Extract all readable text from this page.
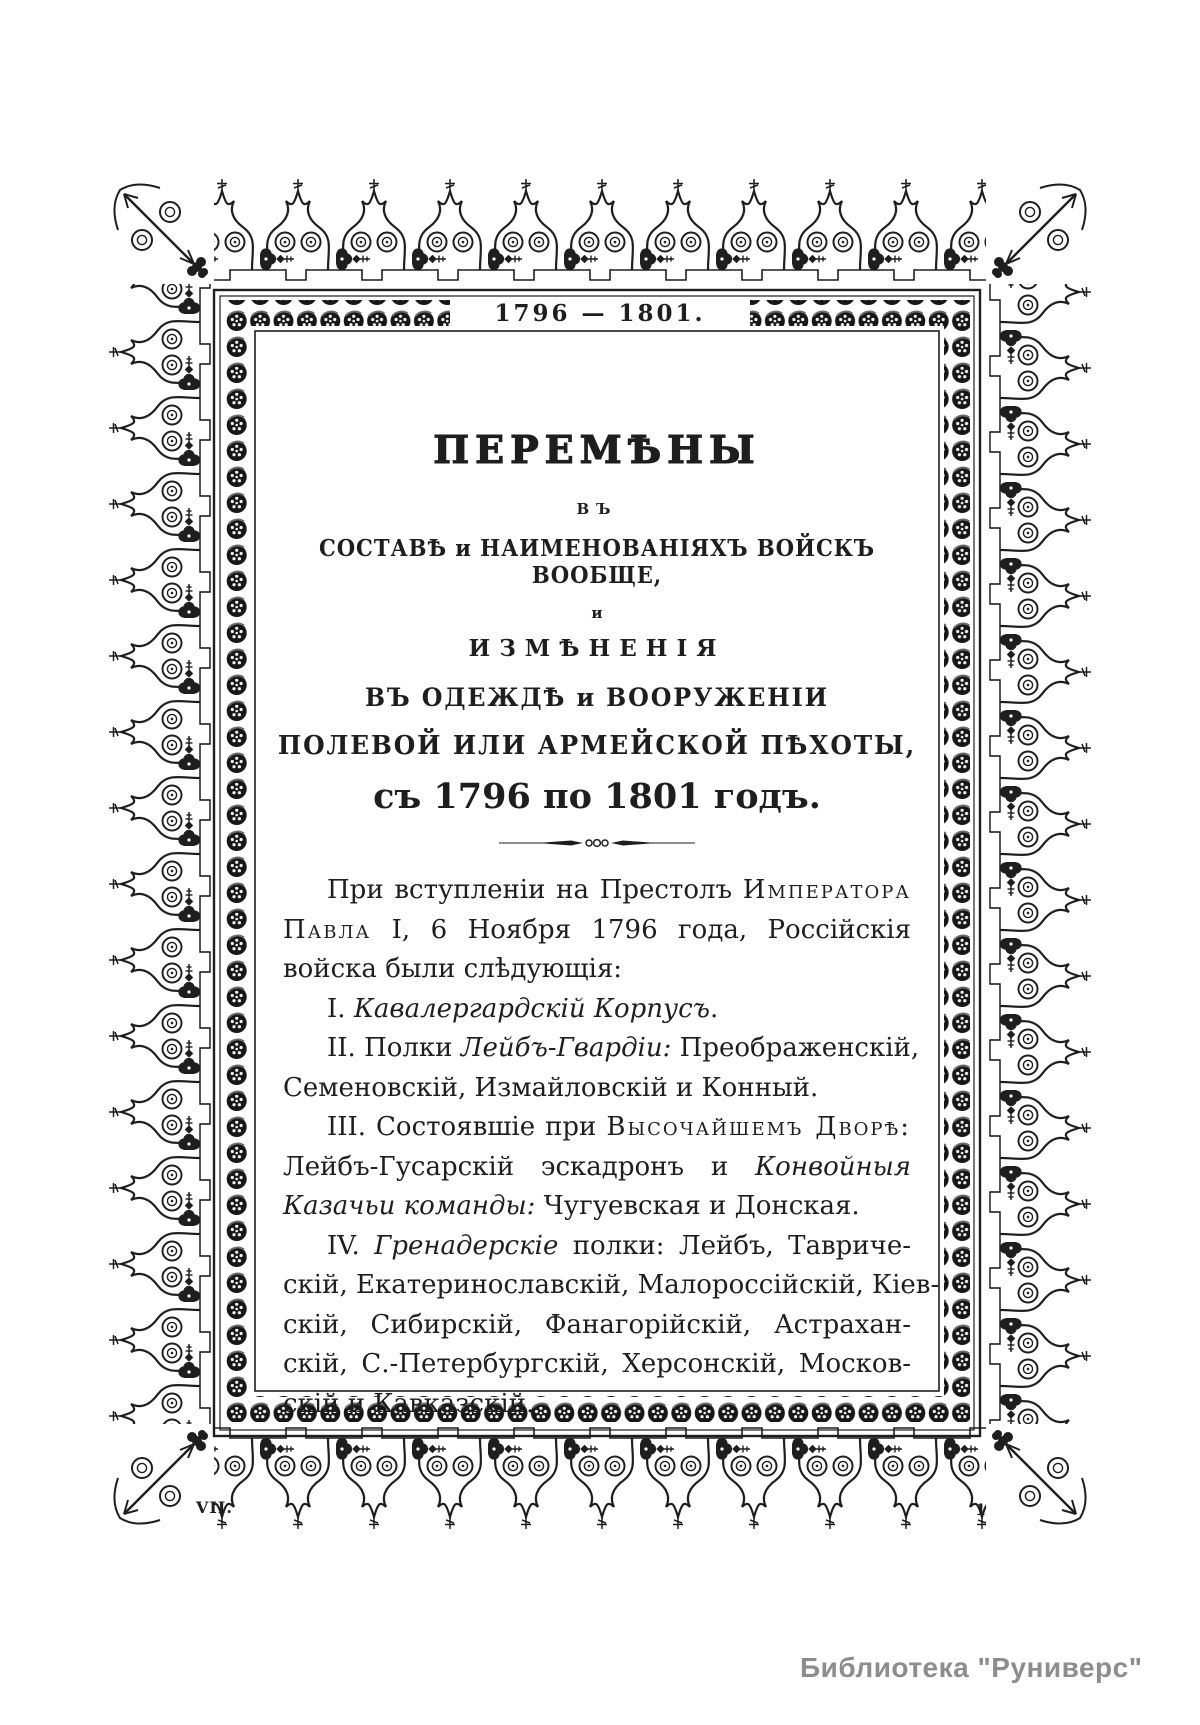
1796 — 1801.
ПЕРЕМѢНЫ
ВЪ
СОСТАВѢ и НАИМЕНОВАНІЯХЪ ВОЙСКЪ ВООБЩЕ,
и
ИЗМѢНЕНІЯ
ВЪ ОДЕЖДѢ и ВООРУЖЕНІИ
ПОЛЕВОЙ ИЛИ АРМЕЙСКОЙ ПѢХОТЫ,
съ 1796 по 1801 годъ.
При вступленіи на Престолъ Императора
Павла I, 6 Ноября 1796 года, Россійскія
войска были слѣдующія:
I. Кавалергардскій Корпусъ.
II. Полки Лейбъ-Гвардіи: Преображенскій,
Семеновскій, Измайловскій и Конный.
III. Состоявшіе при Высочайшемъ Дворѣ:
Лейбъ-Гусарскій эскадронъ и Конвойныя
Казачьи команды: Чугуевская и Донская.
IV. Гренадерскіе полки: Лейбъ, Тавриче-
скій, Екатеринославскій, Малороссійскій, Кіев-
скій, Сибирскій, Фанагорійскій, Астрахан-
скій, С.-Петербургскій, Херсонскій, Москов-
скій и Кавказскій.
VII.	1
Библиотека "Руниверс"
